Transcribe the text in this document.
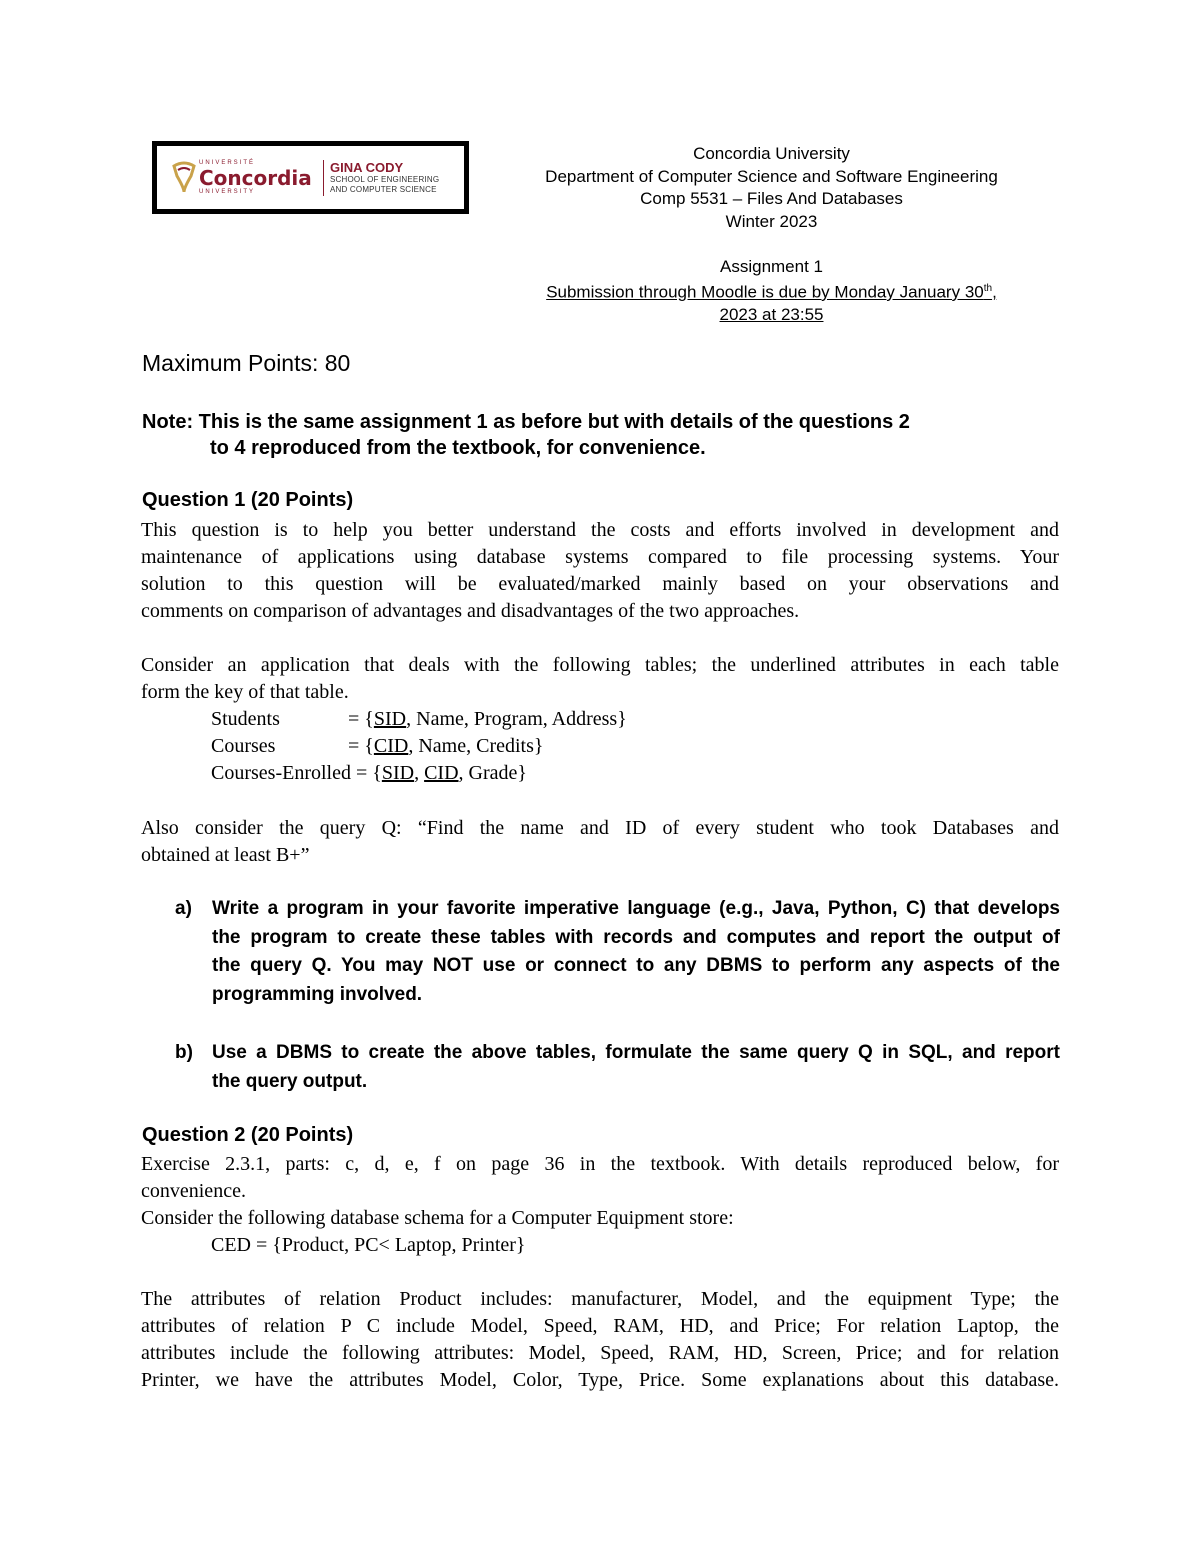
UNIVERSITÉ
Concordia
UNIVERSITY
GINA CODY
SCHOOL OF ENGINEERING
AND COMPUTER SCIENCE
Concordia University
Department of Computer Science and Software Engineering
Comp 5531 – Files And Databases
Winter 2023
Assignment 1
Submission through Moodle is due by Monday January 30th,
2023 at 23:55
Maximum Points: 80
Note: This is the same assignment 1 as before but with details of the questions 2
to 4 reproduced from the textbook, for convenience.
Question 1 (20 Points)

This question is to help you better understand the costs and efforts involved in development and

maintenance of applications using database systems compared to file processing systems. Your

solution to this question will be evaluated/marked mainly based on your observations and

comments on comparison of advantages and disadvantages of the two approaches.

Consider an application that deals with the following tables; the underlined attributes in each table

form the key of that table.

Students	= {SID, Name, Program, Address}
Courses	= {CID, Name, Credits}
Courses-Enrolled = {SID, CID, Grade}

Also consider the query Q: “Find the name and ID of every student who took Databases and

obtained at least B+”

a)	Write a program in your favorite imperative language (e.g., Java, Python, C) that develops
the program to create these tables with records and computes and report the output of
the query Q. You may NOT use or connect to any DBMS to perform any aspects of the
programming involved.
b)	Use a DBMS to create the above tables, formulate the same query Q in SQL, and report
the query output.
Question 2 (20 Points)

Exercise 2.3.1, parts: c, d, e, f on page 36 in the textbook. With details reproduced below, for

convenience.

Consider the following database schema for a Computer Equipment store:

CED = {Product, PC< Laptop, Printer}

The attributes of relation Product includes: manufacturer, Model, and the equipment Type; the

attributes of relation P C include Model, Speed, RAM, HD, and Price; For relation Laptop, the

attributes include the following attributes: Model, Speed, RAM, HD, Screen, Price; and for relation

Printer, we have the attributes Model, Color, Type, Price. Some explanations about this database.
